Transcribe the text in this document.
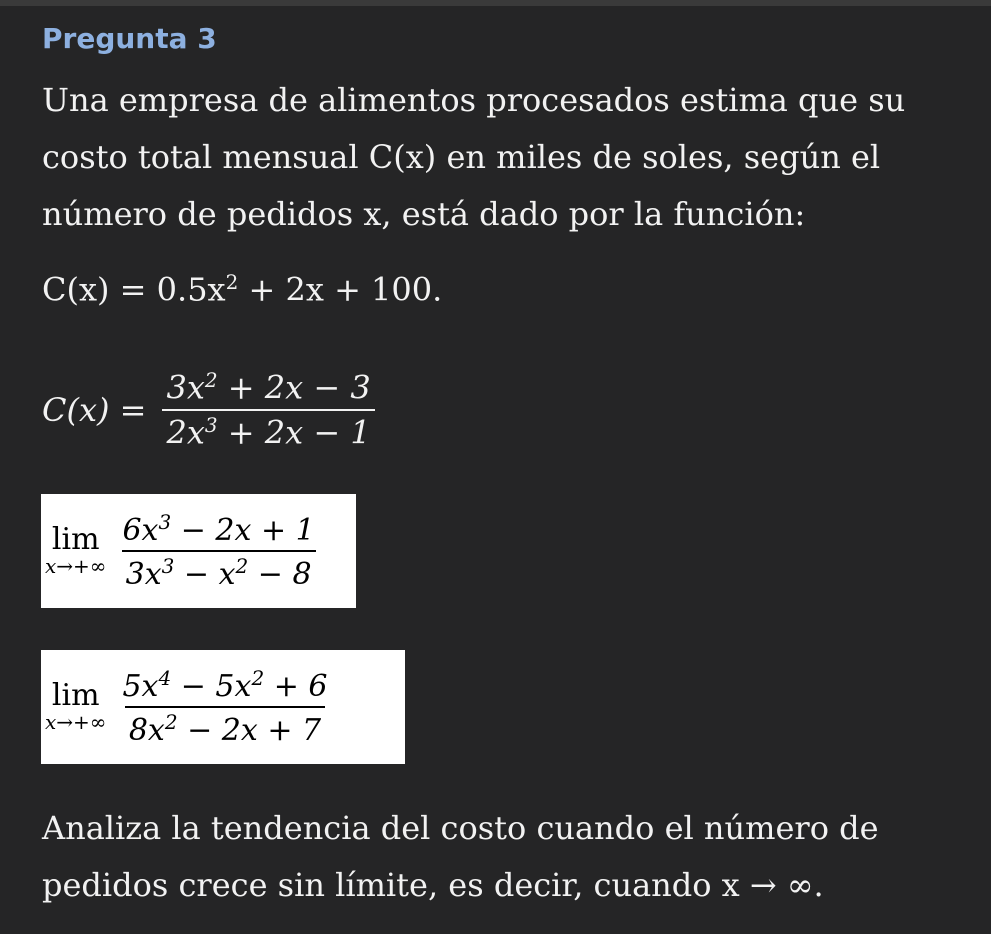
Pregunta 3

Una empresa de alimentos procesados estima que su costo total mensual C(x) en miles de soles, según el número de pedidos x, está dado por la función:

$C(x) = 0.5x^2 + 2x + 100$.
$C(x) = \frac{3x^2 + 2x - 3}{2x^3 + 2x - 1}$
lim
$x\to+\infty \frac{6x^3 - 2x + 1}{3x^3 - x^2 - 8}$
lim
$x\to+\infty \frac{5x^4 - 5x^2 + 6}{8x^2 - 2x + 7}$

Analiza la tendencia del costo cuando el número de pedidos crece sin límite, es decir, cuando x → ∞.
